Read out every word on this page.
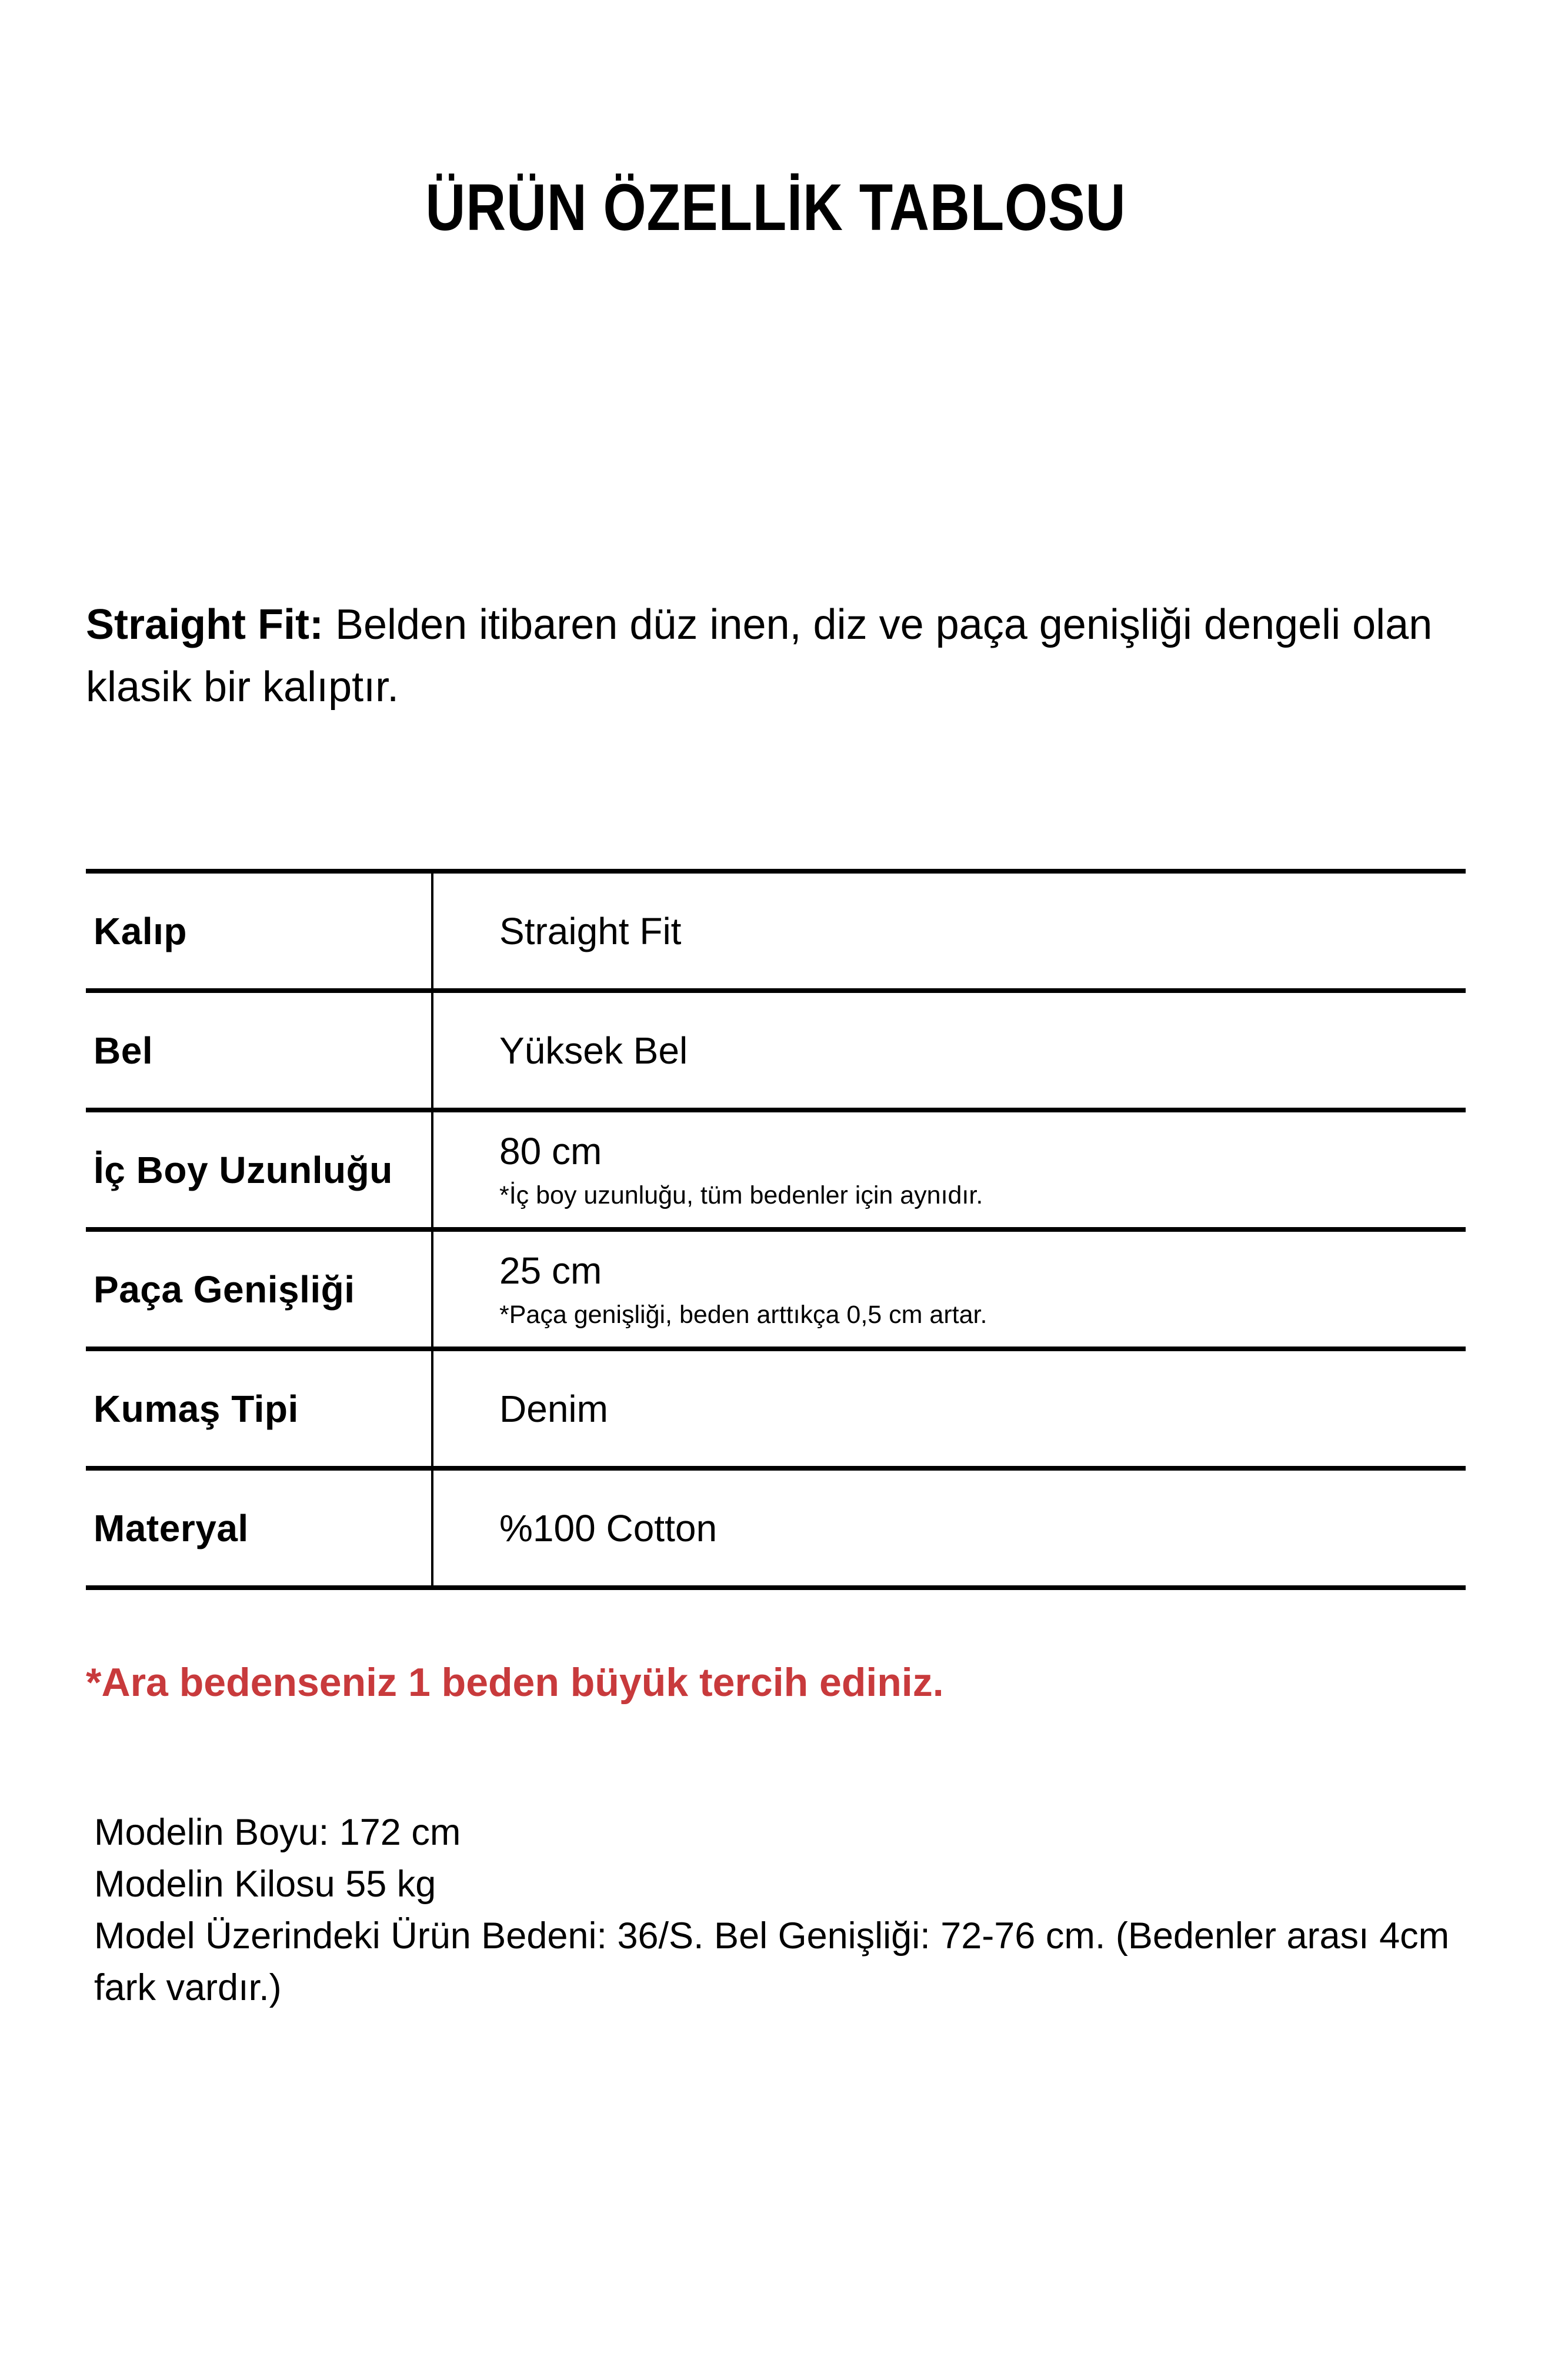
ÜRÜN ÖZELLİK TABLOSU

Straight Fit: Belden itibaren düz inen, diz ve paça genişliği dengeli olan klasik bir kalıptır.

Kalıp	Straight Fit
Bel	Yüksek Bel
İç Boy Uzunluğu	80 cm
*İç boy uzunluğu, tüm bedenler için aynıdır.
Paça Genişliği	25 cm
*Paça genişliği, beden arttıkça 0,5 cm artar.
Kumaş Tipi	Denim
Materyal	%100 Cotton

*Ara bedenseniz 1 beden büyük tercih ediniz.

Modelin Boyu: 172 cm

Modelin Kilosu 55 kg

Model Üzerindeki Ürün Bedeni: 36/S. Bel Genişliği: 72-76 cm. (Bedenler arası 4cm fark vardır.)
